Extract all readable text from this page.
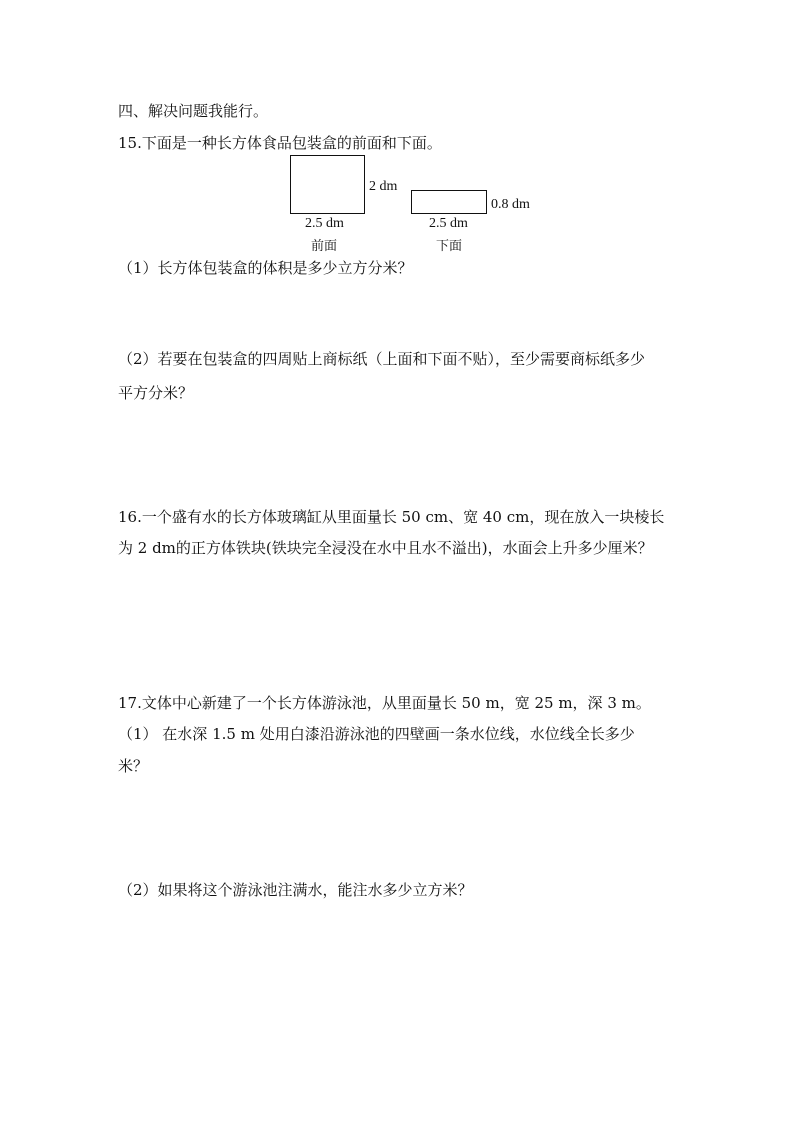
四、解决问题我能行。
15.下面是一种长方体食品包装盒的前面和下面。
2 dm
2.5 dm
前面
0.8 dm
2.5 dm
下面
（1）长方体包装盒的体积是多少立方分米？
（2）若要在包装盒的四周贴上商标纸（上面和下面不贴），至少需要商标纸多少
平方分米？
16.一个盛有水的长方体玻璃缸从里面量长 50 cm、宽 40 cm，现在放入一块棱长
为 2 dm的正方体铁块(铁块完全浸没在水中且水不溢出)，水面会上升多少厘米？
17.文体中心新建了一个长方体游泳池，从里面量长 50 m，宽 25 m，深 3 m。
（1） 在水深 1.5 m 处用白漆沿游泳池的四壁画一条水位线，水位线全长多少
米？
（2）如果将这个游泳池注满水，能注水多少立方米？
